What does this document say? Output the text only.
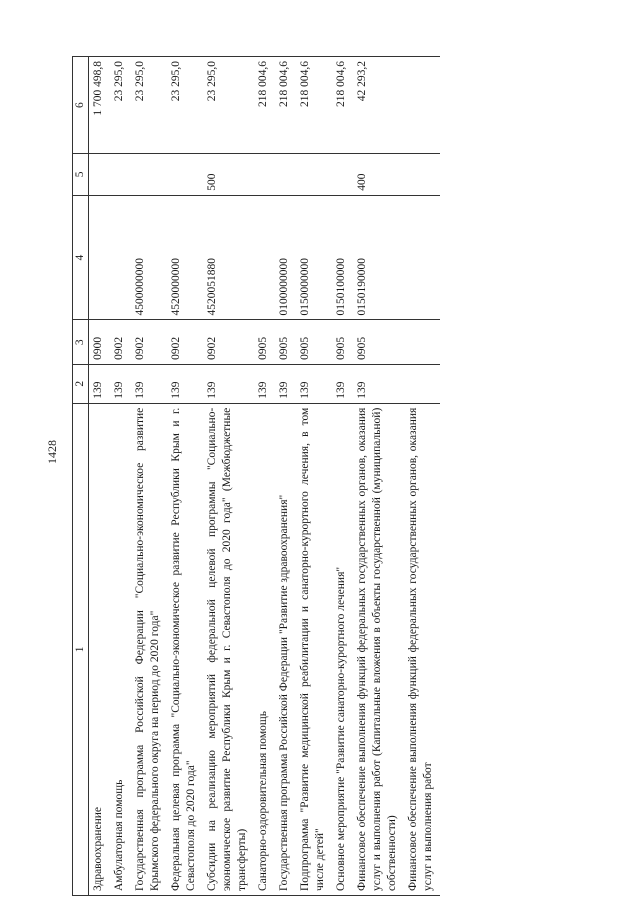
1428
1	2	3	4	5	6
Здравоохранение	139	0900			1 700 498,8
Амбулаторная помощь	139	0902			23 295,0
Государственная программа Российской Федерации "Социально-экономическое развитие Крымского федерального округа на период до 2020 года"	139	0902	4500000000		23 295,0
Федеральная целевая программа "Социально-экономическое развитие Республики Крым и г. Севастополя до 2020 года"	139	0902	4520000000		23 295,0
Субсидии на реализацию мероприятий федеральной целевой программы "Социально-экономическое развитие Республики Крым и г. Севастополя до 2020 года" (Межбюджетные трансферты)	139	0902	4520051880	500	23 295,0
Санаторно-оздоровительная помощь	139	0905			218 004,6
Государственная программа Российской Федерации "Развитие здравоохранения"	139	0905	0100000000		218 004,6
Подпрограмма "Развитие медицинской реабилитации и санаторно-курортного лечения, в том числе детей"	139	0905	0150000000		218 004,6
Основное мероприятие "Развитие санаторно-курортного лечения"	139	0905	0150100000		218 004,6
Финансовое обеспечение выполнения функций федеральных государственных органов, оказания услуг и выполнения работ (Капитальные вложения в объекты государственной (муниципальной) собственности)	139	0905	0150190000	400	42 293,2
Финансовое обеспечение выполнения функций федеральных государственных органов, оказания услуг и выполнения работ					
